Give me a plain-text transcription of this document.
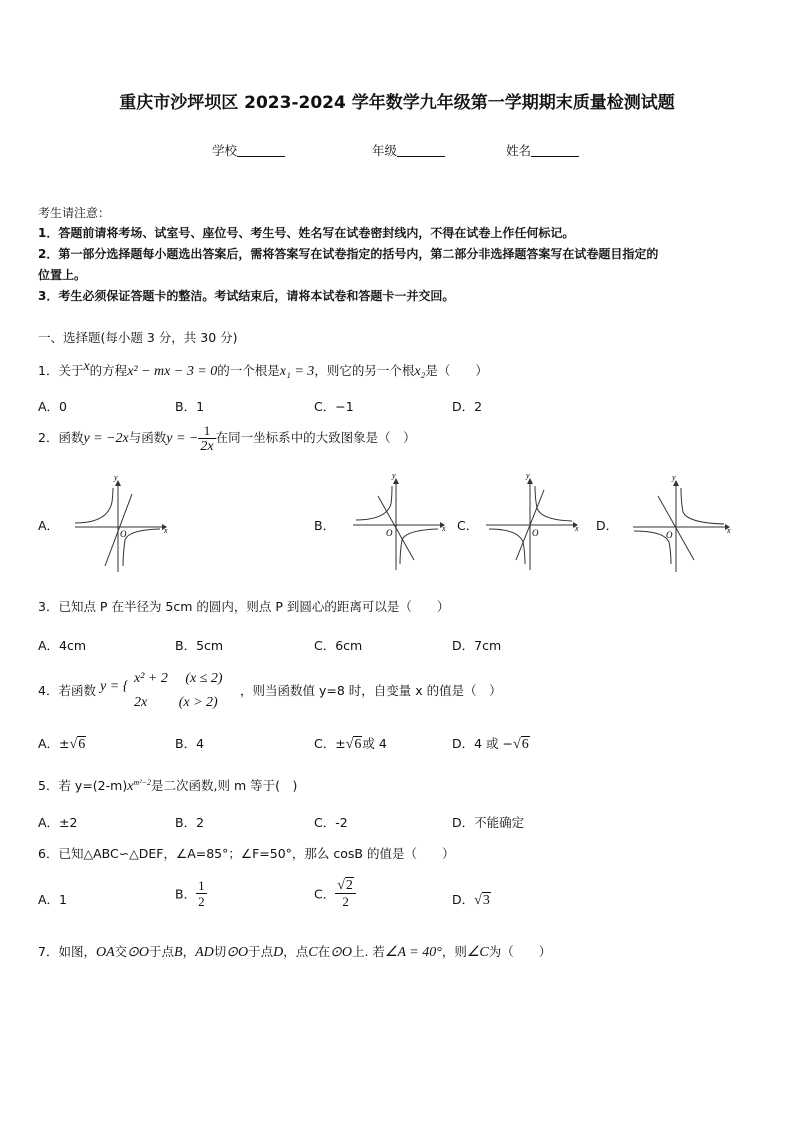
重庆市沙坪坝区 2023-2024 学年数学九年级第一学期期末质量检测试题
学校	年级	姓名
考生请注意：
1．答题前请将考场、试室号、座位号、考生号、姓名写在试卷密封线内，不得在试卷上作任何标记。
2．第一部分选择题每小题选出答案后，需将答案写在试卷指定的括号内，第二部分非选择题答案写在试卷题目指定的
位置上。
3．考生必须保证答题卡的整洁。考试结束后，请将本试卷和答题卡一并交回。
一、选择题(每小题 3 分，共 30 分)
1．关于$^x$的方程x² − mx − 3 = 0的一个根是x₁ = 3，则它的另一个根x₂是（　　）
A．0	B．1	C．−1	D．2
2．函数y = −2x与函数y = − $\frac{1}{2x}$ 在同一坐标系中的大致图象是（　）
A．	B．	C．	D．
x
y
O
x
y
O	x
y
O	x
y
O
3．已知点 P 在半径为 5cm 的圆内，则点 P 到圆心的距离可以是（　　）
A．4cm	B．5cm	C．6cm	D．7cm
4．若函数 y = {
x² + 2　 (x ≤ 2)
2x　　 (x > 2)
，则当函数值 y=8 时，自变量 x 的值是（　）
A．±√6	B．4	C．±√6或 4	D．4 或 −√6
5．若 $y=(2-m)x^{m^2-2}$是二次函数,则 m 等于(　)
A．±2	B．2	C．-2	D．不能确定
6．已知△ABC∽△DEF，∠A=85°；∠F=50°，那么 cosB 的值是（　　）
A．1	B． $\frac{1}{2}$	C． $\frac{√2}{2}$	D．√3
7．如图，OA交⊙O于点B，AD切⊙O于点D，点C在⊙O上. 若∠A = 40°，则∠C为（　　）
